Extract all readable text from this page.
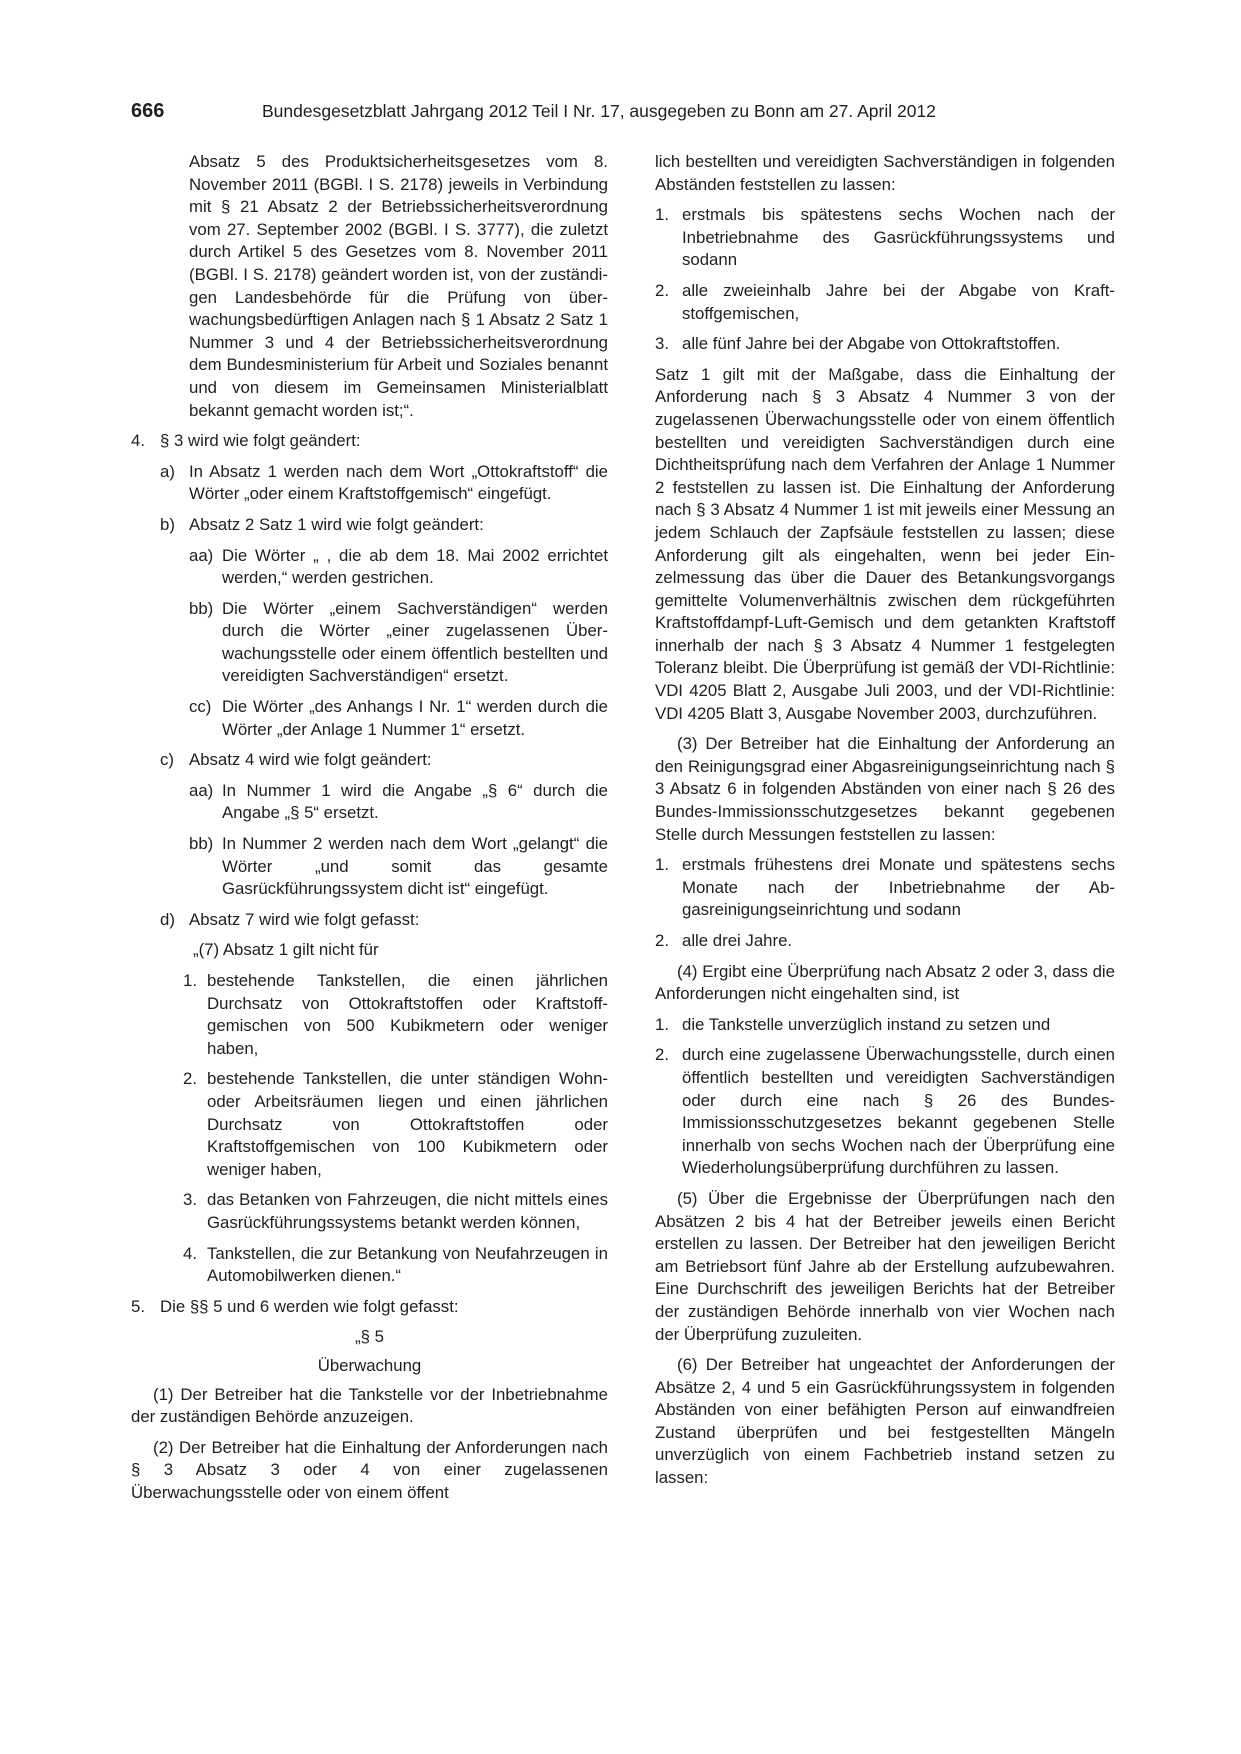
666	Bundesgesetzblatt Jahrgang 2012 Teil I Nr. 17, ausgegeben zu Bonn am 27. April 2012

Absatz 5 des Produktsicherheitsgesetzes vom 8. November 2011 (BGBl. I S. 2178) jeweils in Verbindung mit § 21 Absatz 2 der Betriebssicherheitsverordnung vom 27. September 2002 (BGBl. I S. 3777), die zuletzt durch Artikel 5 des Gesetzes vom 8. November 2011 (BGBl. I S. 2178) geändert worden ist, von der zuständigen Landesbehörde für die Prüfung von überwachungsbedürftigen Anlagen nach § 1 Absatz 2 Satz 1 Nummer 3 und 4 der Betriebssicherheitsverordnung dem Bundesministerium für Arbeit und Soziales benannt und von diesem im Gemeinsamen Ministerialblatt bekannt gemacht worden ist;“.

4. § 3 wird wie folgt geändert:
a) In Absatz 1 werden nach dem Wort „Ottokraftstoff“ die Wörter „oder einem Kraftstoffgemisch“ eingefügt.
b) Absatz 2 Satz 1 wird wie folgt geändert:
aa) Die Wörter „ , die ab dem 18. Mai 2002 errichtet werden,“ werden gestrichen.
bb) Die Wörter „einem Sachverständigen“ werden durch die Wörter „einer zugelassenen Überwachungsstelle oder einem öffentlich bestellten und vereidigten Sachverständigen“ ersetzt.
cc) Die Wörter „des Anhangs I Nr. 1“ werden durch die Wörter „der Anlage 1 Nummer 1“ ersetzt.
c) Absatz 4 wird wie folgt geändert:
aa) In Nummer 1 wird die Angabe „§ 6“ durch die Angabe „§ 5“ ersetzt.
bb) In Nummer 2 werden nach dem Wort „gelangt“ die Wörter „und somit das gesamte Gasrückführungssystem dicht ist“ eingefügt.
d) Absatz 7 wird wie folgt gefasst:

„(7) Absatz 1 gilt nicht für

1. bestehende Tankstellen, die einen jährlichen Durchsatz von Ottokraftstoffen oder Kraftstoffgemischen von 500 Kubikmetern oder weniger haben,
2. bestehende Tankstellen, die unter ständigen Wohn- oder Arbeitsräumen liegen und einen jährlichen Durchsatz von Ottokraftstoffen oder Kraftstoffgemischen von 100 Kubikmetern oder weniger haben,
3. das Betanken von Fahrzeugen, die nicht mittels eines Gasrückführungssystems betankt werden können,
4. Tankstellen, die zur Betankung von Neufahrzeugen in Automobilwerken dienen.“
5. Die §§ 5 und 6 werden wie folgt gefasst:

„§ 5

Überwachung

(1) Der Betreiber hat die Tankstelle vor der Inbetriebnahme der zuständigen Behörde anzuzeigen.

(2) Der Betreiber hat die Einhaltung der Anforderungen nach § 3 Absatz 3 oder 4 von einer zugelassenen Überwachungsstelle oder von einem öffent

lich bestellten und vereidigten Sachverständigen in folgenden Abständen feststellen zu lassen:

1. erstmals bis spätestens sechs Wochen nach der Inbetriebnahme des Gasrückführungssystems und sodann
2. alle zweieinhalb Jahre bei der Abgabe von Kraftstoffgemischen,
3. alle fünf Jahre bei der Abgabe von Ottokraftstoffen.

Satz 1 gilt mit der Maßgabe, dass die Einhaltung der Anforderung nach § 3 Absatz 4 Nummer 3 von der zugelassenen Überwachungsstelle oder von einem öffentlich bestellten und vereidigten Sachverständigen durch eine Dichtheitsprüfung nach dem Verfahren der Anlage 1 Nummer 2 feststellen zu lassen ist. Die Einhaltung der Anforderung nach § 3 Absatz 4 Nummer 1 ist mit jeweils einer Messung an jedem Schlauch der Zapfsäule feststellen zu lassen; diese Anforderung gilt als eingehalten, wenn bei jeder Einzelmessung das über die Dauer des Betankungsvorgangs gemittelte Volumenverhältnis zwischen dem rückgeführten Kraftstoffdampf-Luft-Gemisch und dem getankten Kraftstoff innerhalb der nach § 3 Absatz 4 Nummer 1 festgelegten Toleranz bleibt. Die Überprüfung ist gemäß der VDI-Richtlinie: VDI 4205 Blatt 2, Ausgabe Juli 2003, und der VDI-Richtlinie: VDI 4205 Blatt 3, Ausgabe November 2003, durchzuführen.

(3) Der Betreiber hat die Einhaltung der Anforderung an den Reinigungsgrad einer Abgasreinigungseinrichtung nach § 3 Absatz 6 in folgenden Abständen von einer nach § 26 des Bundes-Immissionsschutzgesetzes bekannt gegebenen Stelle durch Messungen feststellen zu lassen:

1. erstmals frühestens drei Monate und spätestens sechs Monate nach der Inbetriebnahme der Abgasreinigungseinrichtung und sodann
2. alle drei Jahre.

(4) Ergibt eine Überprüfung nach Absatz 2 oder 3, dass die Anforderungen nicht eingehalten sind, ist

1. die Tankstelle unverzüglich instand zu setzen und
2. durch eine zugelassene Überwachungsstelle, durch einen öffentlich bestellten und vereidigten Sachverständigen oder durch eine nach § 26 des Bundes-Immissionsschutzgesetzes bekannt gegebenen Stelle innerhalb von sechs Wochen nach der Überprüfung eine Wiederholungsüberprüfung durchführen zu lassen.

(5) Über die Ergebnisse der Überprüfungen nach den Absätzen 2 bis 4 hat der Betreiber jeweils einen Bericht erstellen zu lassen. Der Betreiber hat den jeweiligen Bericht am Betriebsort fünf Jahre ab der Erstellung aufzubewahren. Eine Durchschrift des jeweiligen Berichts hat der Betreiber der zuständigen Behörde innerhalb von vier Wochen nach der Überprüfung zuzuleiten.

(6) Der Betreiber hat ungeachtet der Anforderungen der Absätze 2, 4 und 5 ein Gasrückführungssystem in folgenden Abständen von einer befähigten Person auf einwandfreien Zustand überprüfen und bei festgestellten Mängeln unverzüglich von einem Fachbetrieb instand setzen zu lassen:
